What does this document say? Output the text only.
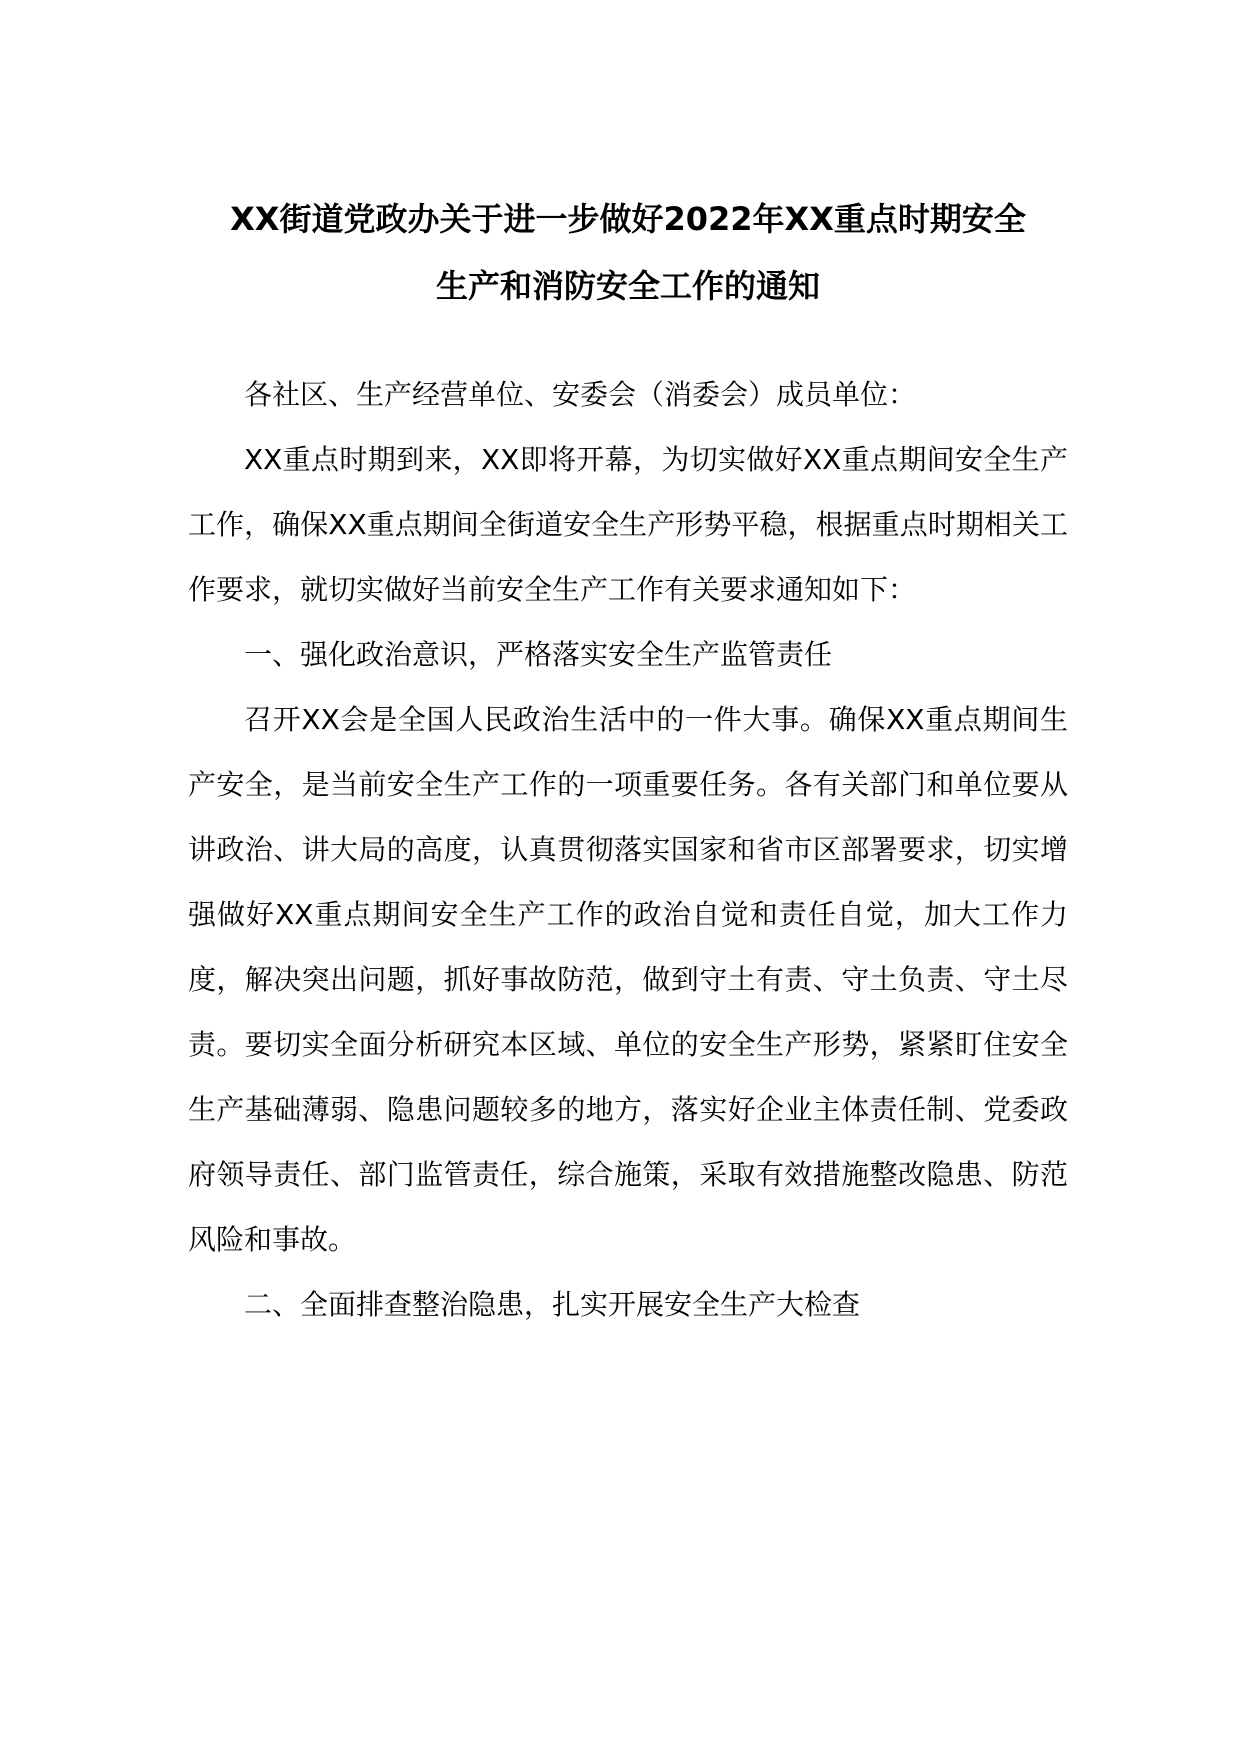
XX街道党政办关于进一步做好2022年XX重点时期安全
生产和消防安全工作的通知

各社区、生产经营单位、安委会（消委会）成员单位：

XX重点时期到来，XX即将开幕，为切实做好XX重点期间安全生产工作，确保XX重点期间全街道安全生产形势平稳，根据重点时期相关工作要求，就切实做好当前安全生产工作有关要求通知如下：

一、强化政治意识，严格落实安全生产监管责任

召开XX会是全国人民政治生活中的一件大事。确保XX重点期间生产安全，是当前安全生产工作的一项重要任务。各有关部门和单位要从讲政治、讲大局的高度，认真贯彻落实国家和省市区部署要求，切实增强做好XX重点期间安全生产工作的政治自觉和责任自觉，加大工作力度，解决突出问题，抓好事故防范，做到守土有责、守土负责、守土尽责。要切实全面分析研究本区域、单位的安全生产形势，紧紧盯住安全生产基础薄弱、隐患问题较多的地方，落实好企业主体责任制、党委政府领导责任、部门监管责任，综合施策，采取有效措施整改隐患、防范风险和事故。

二、全面排查整治隐患，扎实开展安全生产大检查
